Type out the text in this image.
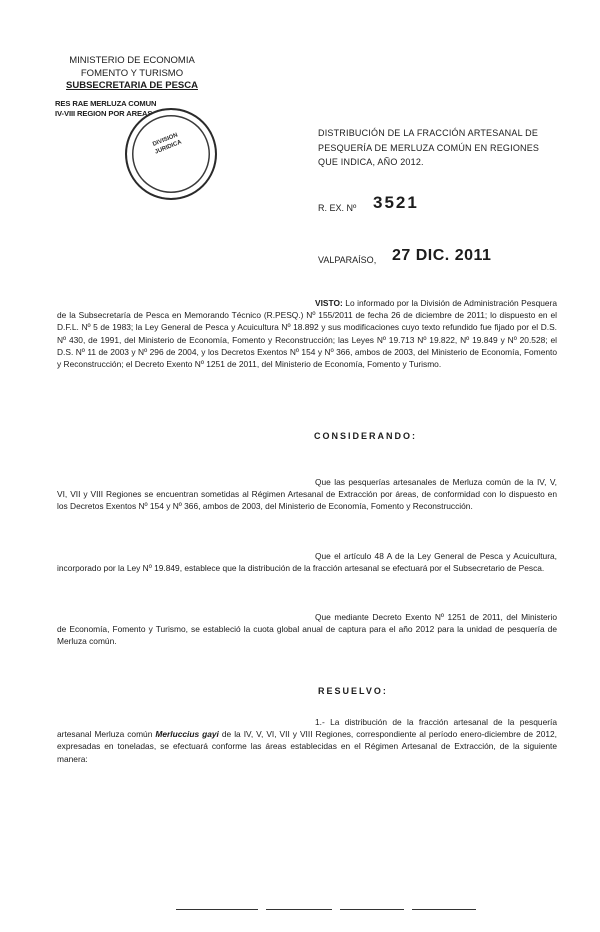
MINISTERIO DE ECONOMIA
FOMENTO Y TURISMO
SUBSECRETARIA DE PESCA
RES RAE MERLUZA COMUN
IV-VIII REGION POR AREAS
DIVISION JURIDICA
DISTRIBUCIÓN DE LA FRACCIÓN ARTESANAL DE PESQUERÍA DE MERLUZA COMÚN EN REGIONES QUE INDICA, AÑO 2012.
R. EX. Nº 3521
VALPARAÍSO, 27 DIC. 2011
VISTO: Lo informado por la División de Administración Pesquera de la Subsecretaría de Pesca en Memorando Técnico (R.PESQ.) Nº 155/2011 de fecha 26 de diciembre de 2011; lo dispuesto en el D.F.L. Nº 5 de 1983; la Ley General de Pesca y Acuicultura Nº 18.892 y sus modificaciones cuyo texto refundido fue fijado por el D.S. Nº 430, de 1991, del Ministerio de Economía, Fomento y Reconstrucción; las Leyes Nº 19.713 Nº 19.822, Nº 19.849 y Nº 20.528; el D.S. Nº 11 de 2003 y Nº 296 de 2004, y los Decretos Exentos Nº 154 y Nº 366, ambos de 2003, del Ministerio de Economía, Fomento y Reconstrucción; el Decreto Exento Nº 1251 de 2011, del Ministerio de Economía, Fomento y Turismo.
CONSIDERANDO:
Que las pesquerías artesanales de Merluza común de la IV, V, VI, VII y VIII Regiones se encuentran sometidas al Régimen Artesanal de Extracción por áreas, de conformidad con lo dispuesto en los Decretos Exentos Nº 154 y Nº 366, ambos de 2003, del Ministerio de Economía, Fomento y Reconstrucción.
Que el artículo 48 A de la Ley General de Pesca y Acuicultura, incorporado por la Ley Nº 19.849, establece que la distribución de la fracción artesanal se efectuará por el Subsecretario de Pesca.
Que mediante Decreto Exento Nº 1251 de 2011, del Ministerio de Economía, Fomento y Turismo, se estableció la cuota global anual de captura para el año 2012 para la unidad de pesquería de Merluza común.
RESUELVO:
1.- La distribución de la fracción artesanal de la pesquería artesanal Merluza común Merluccius gayi de la IV, V, VI, VII y VIII Regiones, correspondiente al período enero-diciembre de 2012, expresadas en toneladas, se efectuará conforme las áreas establecidas en el Régimen Artesanal de Extracción, de la siguiente manera:
